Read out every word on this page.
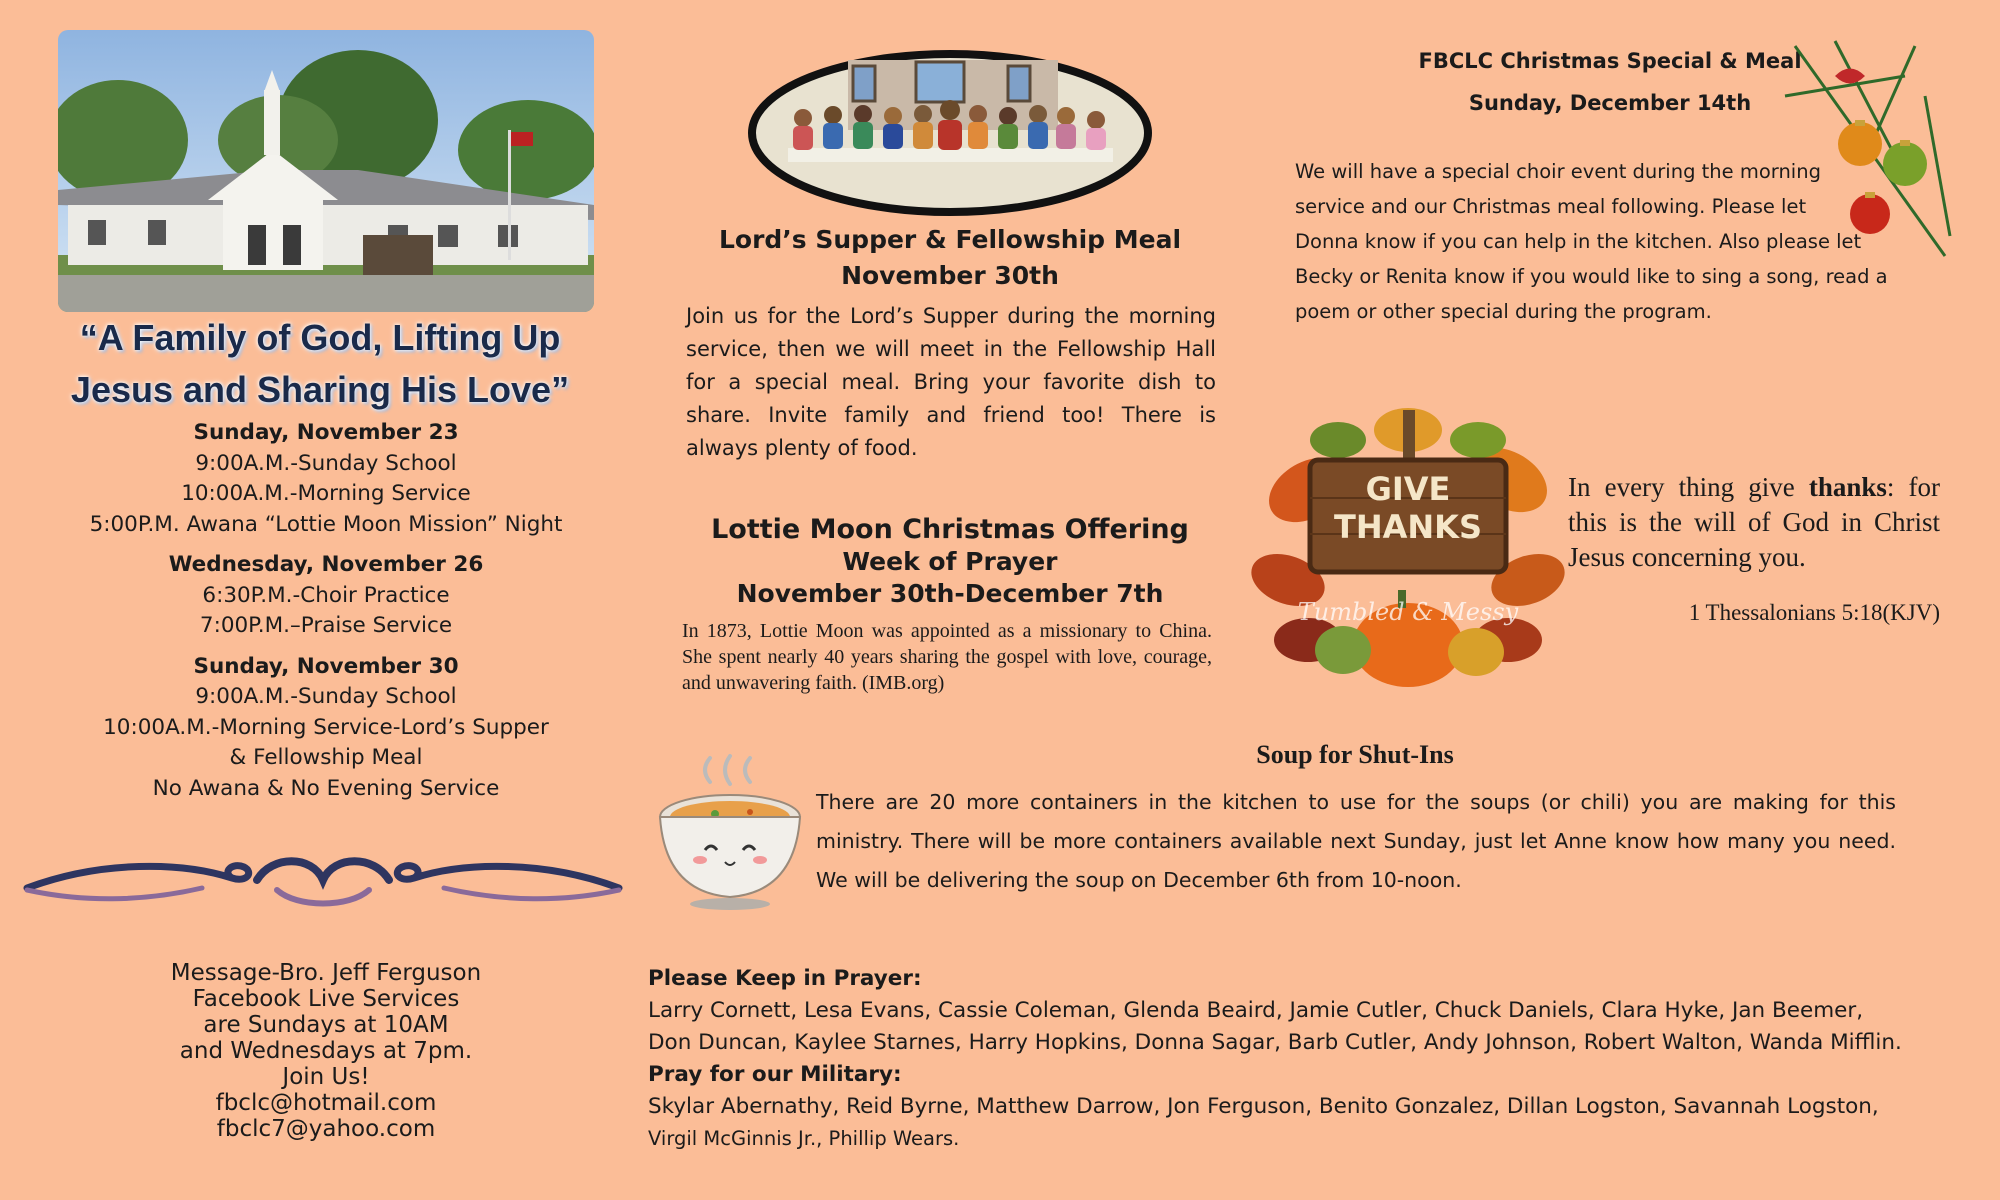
“A Family of God, Lifting Up
Jesus and Sharing His Love”
Sunday, November 23
9:00A.M.-Sunday School
10:00A.M.-Morning Service
5:00P.M. Awana “Lottie Moon Mission” Night
Wednesday, November 26
6:30P.M.-Choir Practice
7:00P.M.–Praise Service
Sunday, November 30
9:00A.M.-Sunday School
10:00A.M.-Morning Service-Lord’s Supper
& Fellowship Meal
No Awana & No Evening Service
Message-Bro. Jeff Ferguson
Facebook Live Services
are Sundays at 10AM
and Wednesdays at 7pm.
Join Us!
fbclc@hotmail.com
fbclc7@yahoo.com
Lord’s Supper & Fellowship Meal
November 30th
Join us for the Lord’s Supper during the morning service, then we will meet in the Fellowship Hall for a special meal. Bring your favorite dish to share. Invite family and friend too! There is always plenty of food.
Lottie Moon Christmas Offering
Week of Prayer
November 30th-December 7th
In 1873, Lottie Moon was appointed as a missionary to China. She spent nearly 40 years sharing the gospel with love, courage, and unwavering faith. (IMB.org)
FBCLC Christmas Special & Meal
Sunday, December 14th
We will have a special choir event during the morning
service and our Christmas meal following. Please let
Donna know if you can help in the kitchen. Also please let
Becky or Renita know if you would like to sing a song, read a
poem or other special during the program.
GIVE
THANKS
Tumbled & Messy
In every thing give thanks: for this is the will of God in Christ Jesus concerning you.
1 Thessalonians 5:18(KJV)
Soup for Shut-Ins
There are 20 more containers in the kitchen to use for the soups (or chili) you are making for this ministry. There will be more containers available next Sunday, just let Anne know how many you need. We will be delivering the soup on December 6th from 10-noon.
Please Keep in Prayer:
Larry Cornett, Lesa Evans, Cassie Coleman, Glenda Beaird, Jamie Cutler, Chuck Daniels, Clara Hyke, Jan Beemer,
Don Duncan, Kaylee Starnes, Harry Hopkins, Donna Sagar, Barb Cutler, Andy Johnson, Robert Walton, Wanda Mifflin.
Pray for our Military:
Skylar Abernathy, Reid Byrne, Matthew Darrow, Jon Ferguson, Benito Gonzalez, Dillan Logston, Savannah Logston,
Virgil McGinnis Jr., Phillip Wears.
